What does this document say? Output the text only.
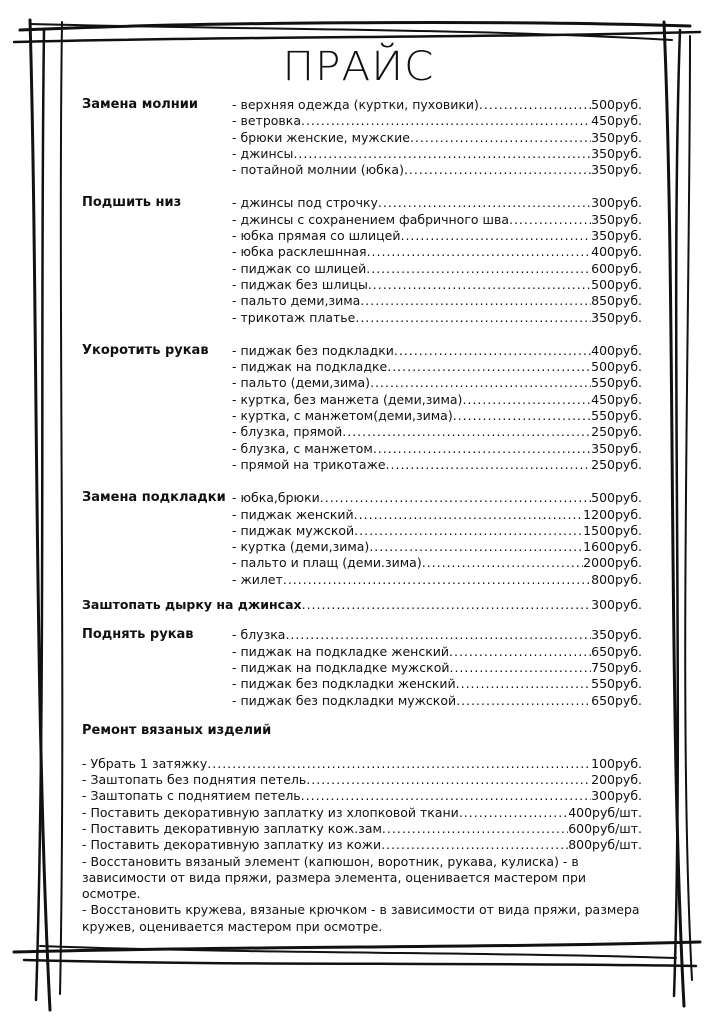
ПРАЙС
Замена молнии	- верхняя одежда (куртки, пуховики) .....	500руб.
- ветровка .....	450руб.
- брюки женские, мужские .....	350руб.
- джинсы .....	350руб.
- потайной молнии (юбка) .....	350руб.
Подшить низ	- джинсы под строчку .....	300руб.
- джинсы с сохранением фабричного шва .....	350руб.
- юбка прямая со шлицей .....	350руб.
- юбка расклешнная .....	400руб.
- пиджак со шлицей .....	600руб.
- пиджак без шлицы .....	500руб.
- пальто деми,зима .....	850руб.
- трикотаж платье .....	350руб.
Укоротить рукав - пиджак без подкладки .....	400руб.
- пиджак на подкладке .....	500руб.
- пальто (деми,зима) .....	550руб.
- куртка, без манжета (деми,зима) .....	450руб.
- куртка, с манжетом(деми,зима) .....	550руб.
- блузка, прямой .....	250руб.
- блузка, с манжетом .....	350руб.
- прямой на трикотаже .....	250руб.
Замена подкладки - юбка,брюки .....	500руб.
- пиджак женский .....	1200руб.
- пиджак мужской .....	1500руб.
- куртка (деми,зима) .....	1600руб.
- пальто и плащ (деми.зима) .....	2000руб.
- жилет .....	800руб.
Заштопать дырку на джинсах .....	300руб.
Поднять рукав	- блузка .....	350руб.
- пиджак на подкладке женский .....	650руб.
- пиджак на подкладке мужской .....	750руб.
- пиджак без подкладки женский .....	550руб.
- пиджак без подкладки мужской .....	650руб.
Ремонт вязаных изделий
- Убрать 1 затяжку .....	100руб.
- Заштопать без поднятия петель .....	200руб.
- Заштопать с поднятием петель .....	300руб.
- Поставить декоративную заплатку из хлопковой ткани .....	400руб/шт.
- Поставить декоративную заплатку кож.зам .....	600руб/шт.
- Поставить декоративную заплатку из кожи .....	800руб/шт.
- Восстановить вязаный элемент (капюшон, воротник, рукава, кулиска) - в зависимости от вида пряжи, размера элемента, оценивается мастером при осмотре.
- Восстановить кружева, вязаные крючком - в зависимости от вида пряжи, размера кружев, оценивается мастером при осмотре.
